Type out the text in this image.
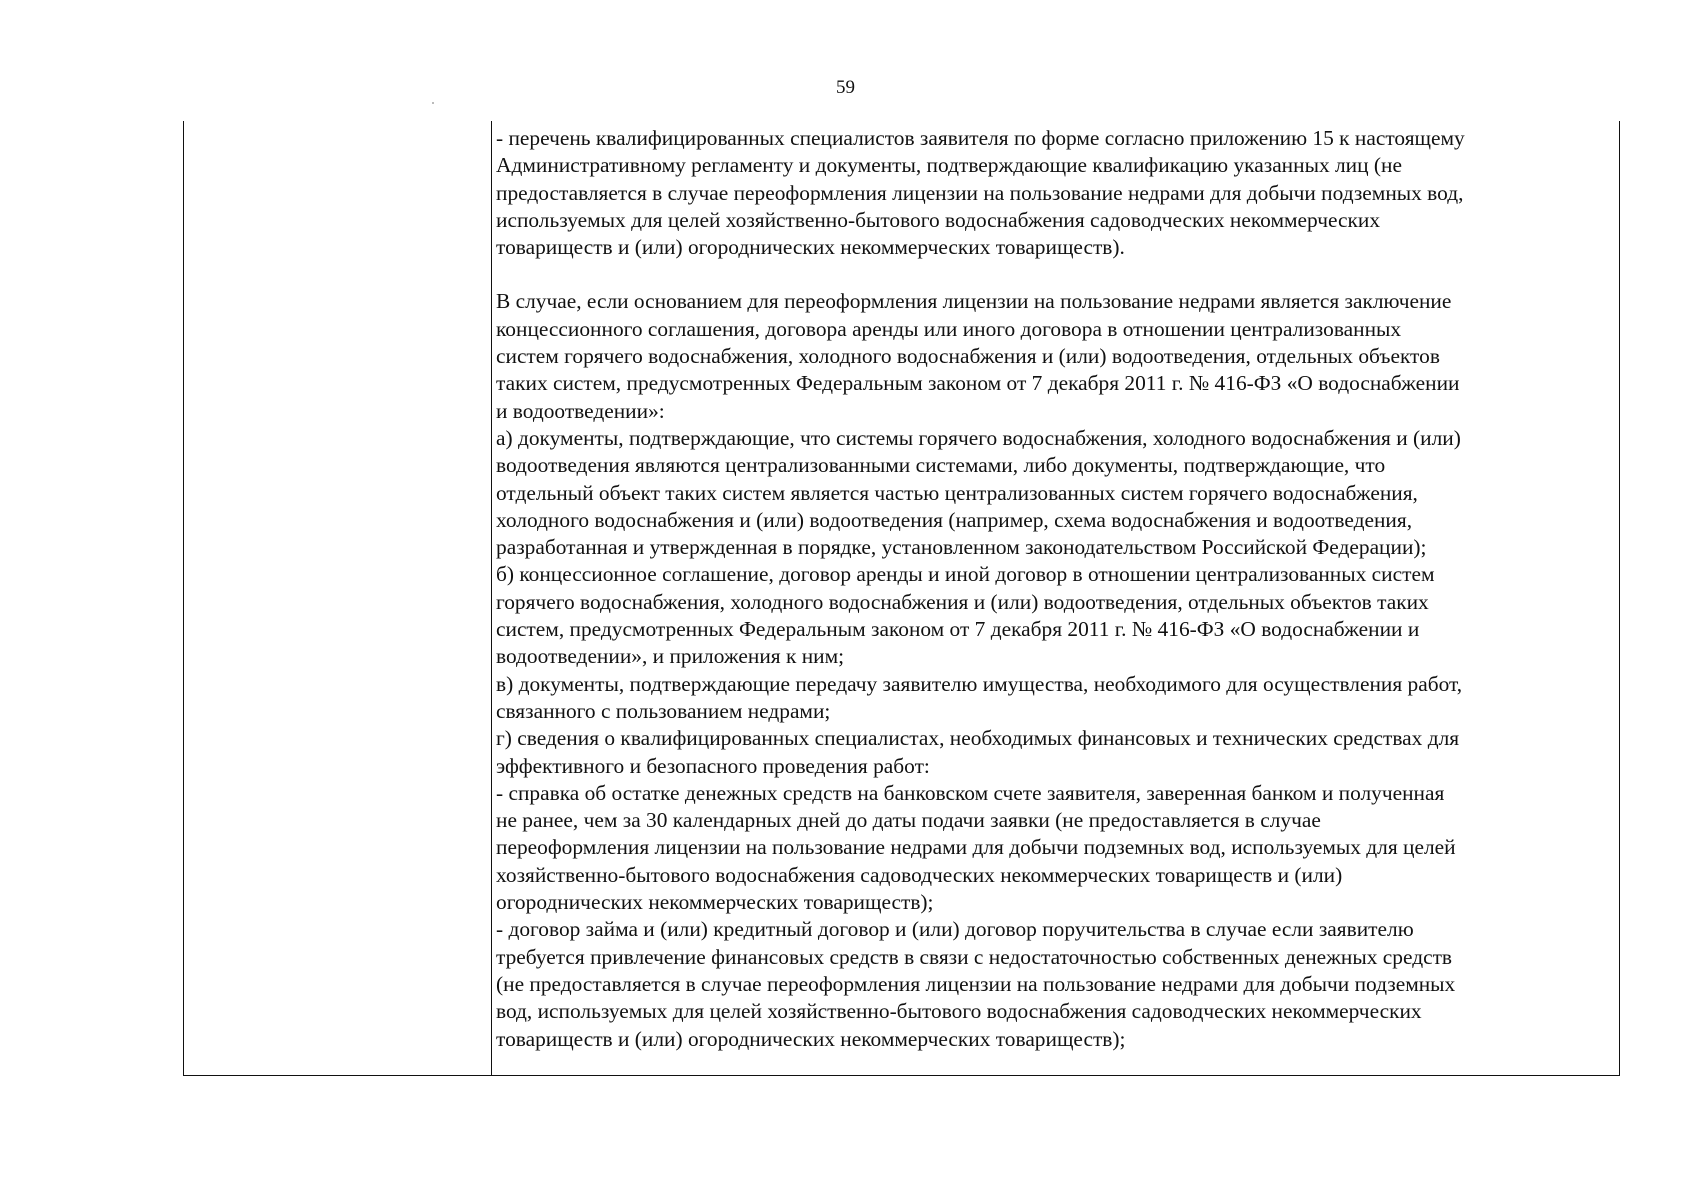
59
- перечень квалифицированных специалистов заявителя по форме согласно приложению 15 к настоящему
Административному регламенту и документы, подтверждающие квалификацию указанных лиц (не
предоставляется в случае переоформления лицензии на пользование недрами для добычи подземных вод,
используемых для целей хозяйственно-бытового водоснабжения садоводческих некоммерческих
товариществ и (или) огороднических некоммерческих товариществ).
В случае, если основанием для переоформления лицензии на пользование недрами является заключение
концессионного соглашения, договора аренды или иного договора в отношении централизованных
систем горячего водоснабжения, холодного водоснабжения и (или) водоотведения, отдельных объектов
таких систем, предусмотренных Федеральным законом от 7 декабря 2011 г. № 416-ФЗ «О водоснабжении
и водоотведении»:
а) документы, подтверждающие, что системы горячего водоснабжения, холодного водоснабжения и (или)
водоотведения являются централизованными системами, либо документы, подтверждающие, что
отдельный объект таких систем является частью централизованных систем горячего водоснабжения,
холодного водоснабжения и (или) водоотведения (например, схема водоснабжения и водоотведения,
разработанная и утвержденная в порядке, установленном законодательством Российской Федерации);
б) концессионное соглашение, договор аренды и иной договор в отношении централизованных систем
горячего водоснабжения, холодного водоснабжения и (или) водоотведения, отдельных объектов таких
систем, предусмотренных Федеральным законом от 7 декабря 2011 г. № 416-ФЗ «О водоснабжении и
водоотведении», и приложения к ним;
в) документы, подтверждающие передачу заявителю имущества, необходимого для осуществления работ,
связанного с пользованием недрами;
г) сведения о квалифицированных специалистах, необходимых финансовых и технических средствах для
эффективного и безопасного проведения работ:
- справка об остатке денежных средств на банковском счете заявителя, заверенная банком и полученная
не ранее, чем за 30 календарных дней до даты подачи заявки (не предоставляется в случае
переоформления лицензии на пользование недрами для добычи подземных вод, используемых для целей
хозяйственно-бытового водоснабжения садоводческих некоммерческих товариществ и (или)
огороднических некоммерческих товариществ);
- договор займа и (или) кредитный договор и (или) договор поручительства в случае если заявителю
требуется привлечение финансовых средств в связи с недостаточностью собственных денежных средств
(не предоставляется в случае переоформления лицензии на пользование недрами для добычи подземных
вод, используемых для целей хозяйственно-бытового водоснабжения садоводческих некоммерческих
товариществ и (или) огороднических некоммерческих товариществ);
